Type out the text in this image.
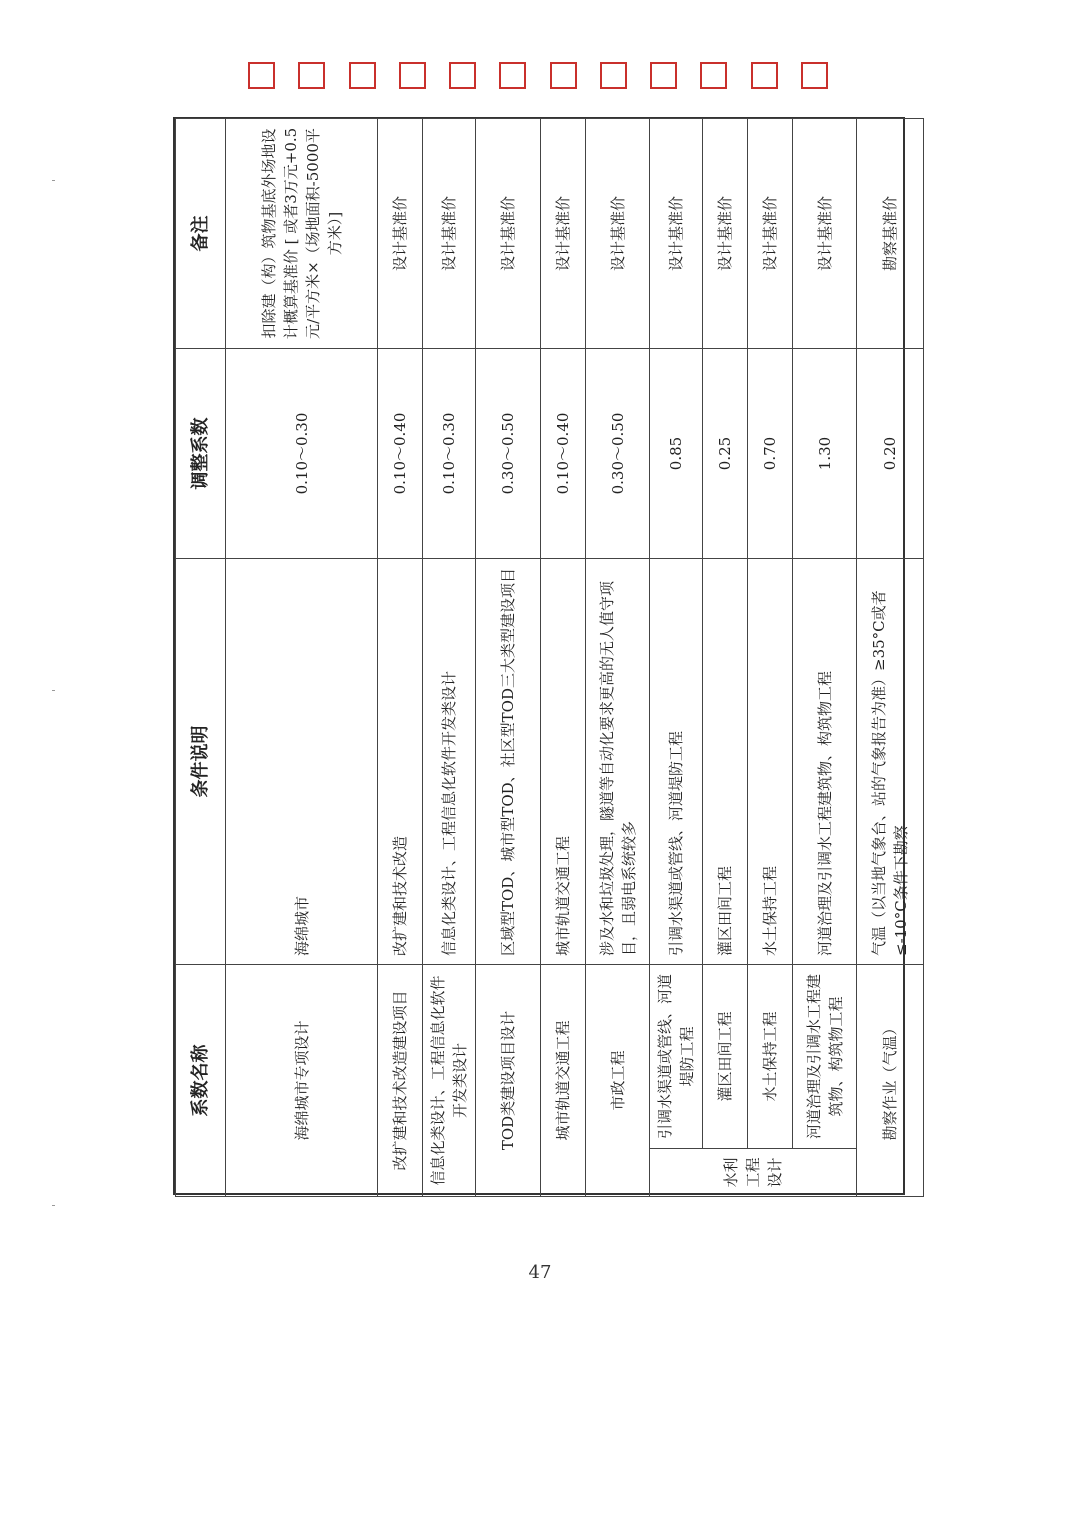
系数名称		条件说明	调整系数	备注
海绵城市专项设计		海绵城市	0.10～0.30	扣除建（构）筑物基底外场地设计概算基准价 [ 或者3万元+0.5元/平方米×（场地面积-5000平方米）]
改扩建和技术改造建设项目		改扩建和技术改造	0.10～0.40	设计基准价
信息化类设计、工程信息化软件开发类设计		信息化类设计、工程信息化软件开发类设计	0.10～0.30	设计基准价
TOD类建设项目设计		区域型TOD、城市型TOD、社区型TOD三大类型建设项目	0.30～0.50	设计基准价
城市轨道交通工程		城市轨道交通工程	0.10～0.40	设计基准价
市政工程		涉及水和垃圾处理，隧道等自动化要求更高的无人值守项目，且弱电系统较多	0.30～0.50	设计基准价
水利工程设计	引调水渠道或管线、河道堤防工程	引调水渠道或管线、河道堤防工程	0.85	设计基准价
	灌区田间工程	灌区田间工程	0.25	设计基准价
	水土保持工程	水土保持工程	0.70	设计基准价
	河道治理及引调水工程建筑物、构筑物工程	河道治理及引调水工程建筑物、构筑物工程	1.30	设计基准价
勘察作业（气温）		气温（以当地气象台、站的气象报告为准）≥35°C或者≤-10°C条件下勘察	0.20	勘察基准价
47
